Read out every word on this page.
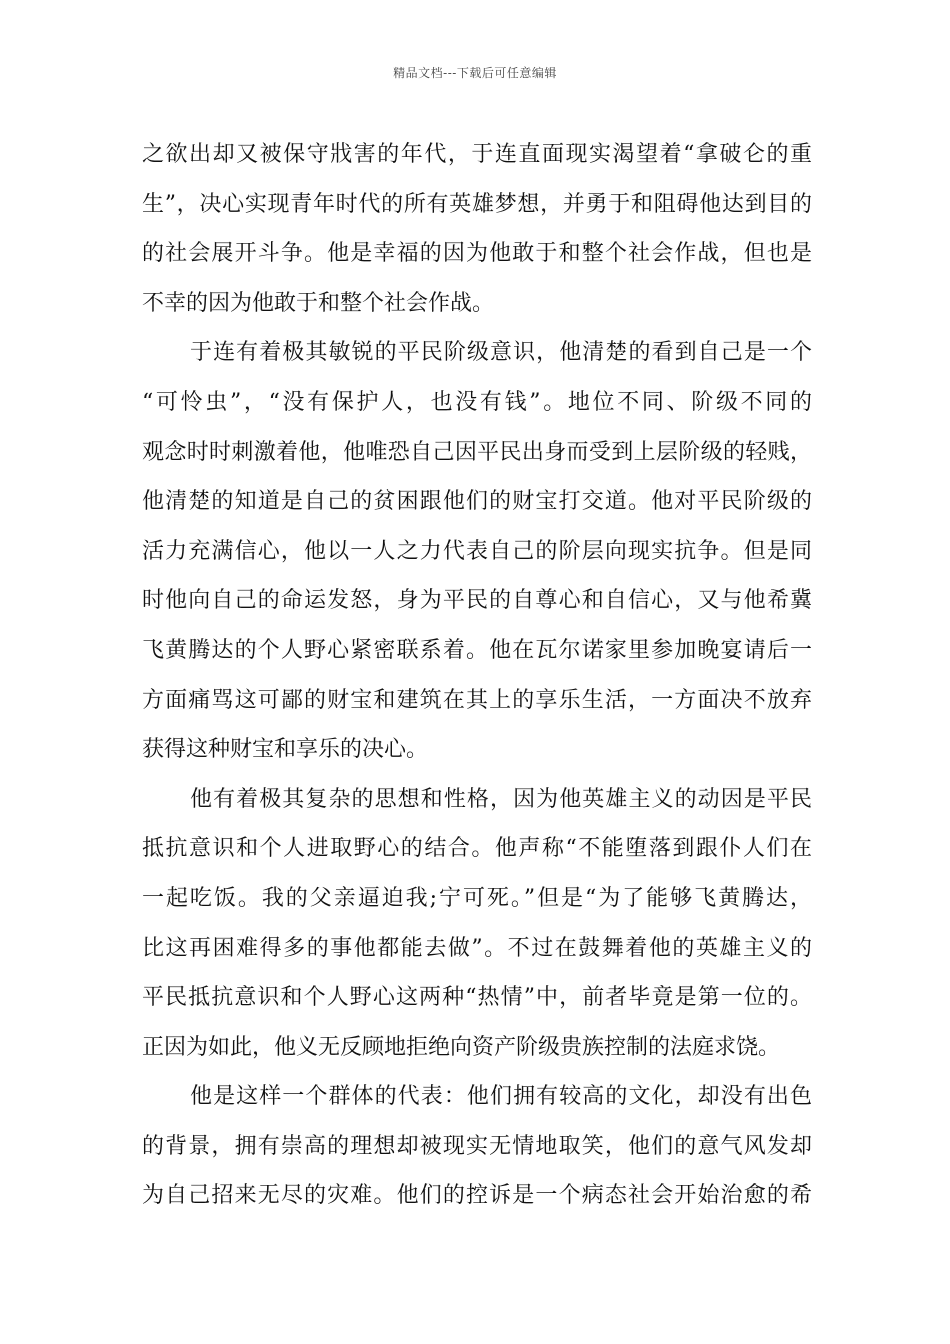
精品文档---下载后可任意编辑
之欲出却又被保守戕害的年代，于连直面现实渴望着“拿破仑的重
生”，决心实现青年时代的所有英雄梦想，并勇于和阻碍他达到目的
的社会展开斗争。他是幸福的因为他敢于和整个社会作战，但也是
不幸的因为他敢于和整个社会作战。
于连有着极其敏锐的平民阶级意识，他清楚的看到自己是一个
“可怜虫”，“没有保护人，也没有钱”。地位不同、阶级不同的
观念时时刺激着他，他唯恐自己因平民出身而受到上层阶级的轻贱，
他清楚的知道是自己的贫困跟他们的财宝打交道。他对平民阶级的
活力充满信心，他以一人之力代表自己的阶层向现实抗争。但是同
时他向自己的命运发怒，身为平民的自尊心和自信心，又与他希冀
飞黄腾达的个人野心紧密联系着。他在瓦尔诺家里参加晚宴请后一
方面痛骂这可鄙的财宝和建筑在其上的享乐生活，一方面决不放弃
获得这种财宝和享乐的决心。
他有着极其复杂的思想和性格，因为他英雄主义的动因是平民
抵抗意识和个人进取野心的结合。他声称“不能堕落到跟仆人们在
一起吃饭。我的父亲逼迫我;宁可死。”但是“为了能够飞黄腾达，
比这再困难得多的事他都能去做”。不过在鼓舞着他的英雄主义的
平民抵抗意识和个人野心这两种“热情”中，前者毕竟是第一位的。
正因为如此，他义无反顾地拒绝向资产阶级贵族控制的法庭求饶。
他是这样一个群体的代表：他们拥有较高的文化，却没有出色
的背景，拥有崇高的理想却被现实无情地取笑，他们的意气风发却
为自己招来无尽的灾难。他们的控诉是一个病态社会开始治愈的希
